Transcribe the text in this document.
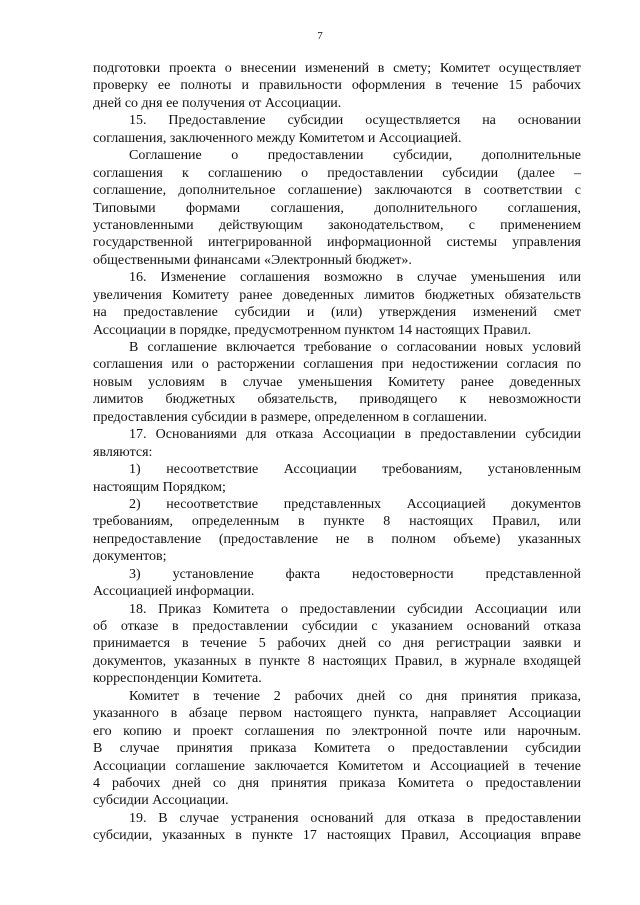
7
подготовки проекта о внесении изменений в смету; Комитет осуществляет
проверку ее полноты и правильности оформления в течение 15 рабочих
дней со дня ее получения от Ассоциации.
15. Предоставление субсидии осуществляется на основании
соглашения, заключенного между Комитетом и Ассоциацией.
Соглашение о предоставлении субсидии, дополнительные
соглашения к соглашению о предоставлении субсидии (далее –
соглашение, дополнительное соглашение) заключаются в соответствии с
Типовыми формами соглашения, дополнительного соглашения,
установленными действующим законодательством, с применением
государственной интегрированной информационной системы управления
общественными финансами «Электронный бюджет».
16. Изменение соглашения возможно в случае уменьшения или
увеличения Комитету ранее доведенных лимитов бюджетных обязательств
на предоставление субсидии и (или) утверждения изменений смет
Ассоциации в порядке, предусмотренном пунктом 14 настоящих Правил.
В соглашение включается требование о согласовании новых условий
соглашения или о расторжении соглашения при недостижении согласия по
новым условиям в случае уменьшения Комитету ранее доведенных
лимитов бюджетных обязательств, приводящего к невозможности
предоставления субсидии в размере, определенном в соглашении.
17. Основаниями для отказа Ассоциации в предоставлении субсидии
являются:
1) несоответствие Ассоциации требованиям, установленным
настоящим Порядком;
2) несоответствие представленных Ассоциацией документов
требованиям, определенным в пункте 8 настоящих Правил, или
непредоставление (предоставление не в полном объеме) указанных
документов;
3) установление факта недостоверности представленной
Ассоциацией информации.
18. Приказ Комитета о предоставлении субсидии Ассоциации или
об отказе в предоставлении субсидии с указанием оснований отказа
принимается в течение 5 рабочих дней со дня регистрации заявки и
документов, указанных в пункте 8 настоящих Правил, в журнале входящей
корреспонденции Комитета.
Комитет в течение 2 рабочих дней со дня принятия приказа,
указанного в абзаце первом настоящего пункта, направляет Ассоциации
его копию и проект соглашения по электронной почте или нарочным.
В случае принятия приказа Комитета о предоставлении субсидии
Ассоциации соглашение заключается Комитетом и Ассоциацией в течение
4 рабочих дней со дня принятия приказа Комитета о предоставлении
субсидии Ассоциации.
19. В случае устранения оснований для отказа в предоставлении
субсидии, указанных в пункте 17 настоящих Правил, Ассоциация вправе
